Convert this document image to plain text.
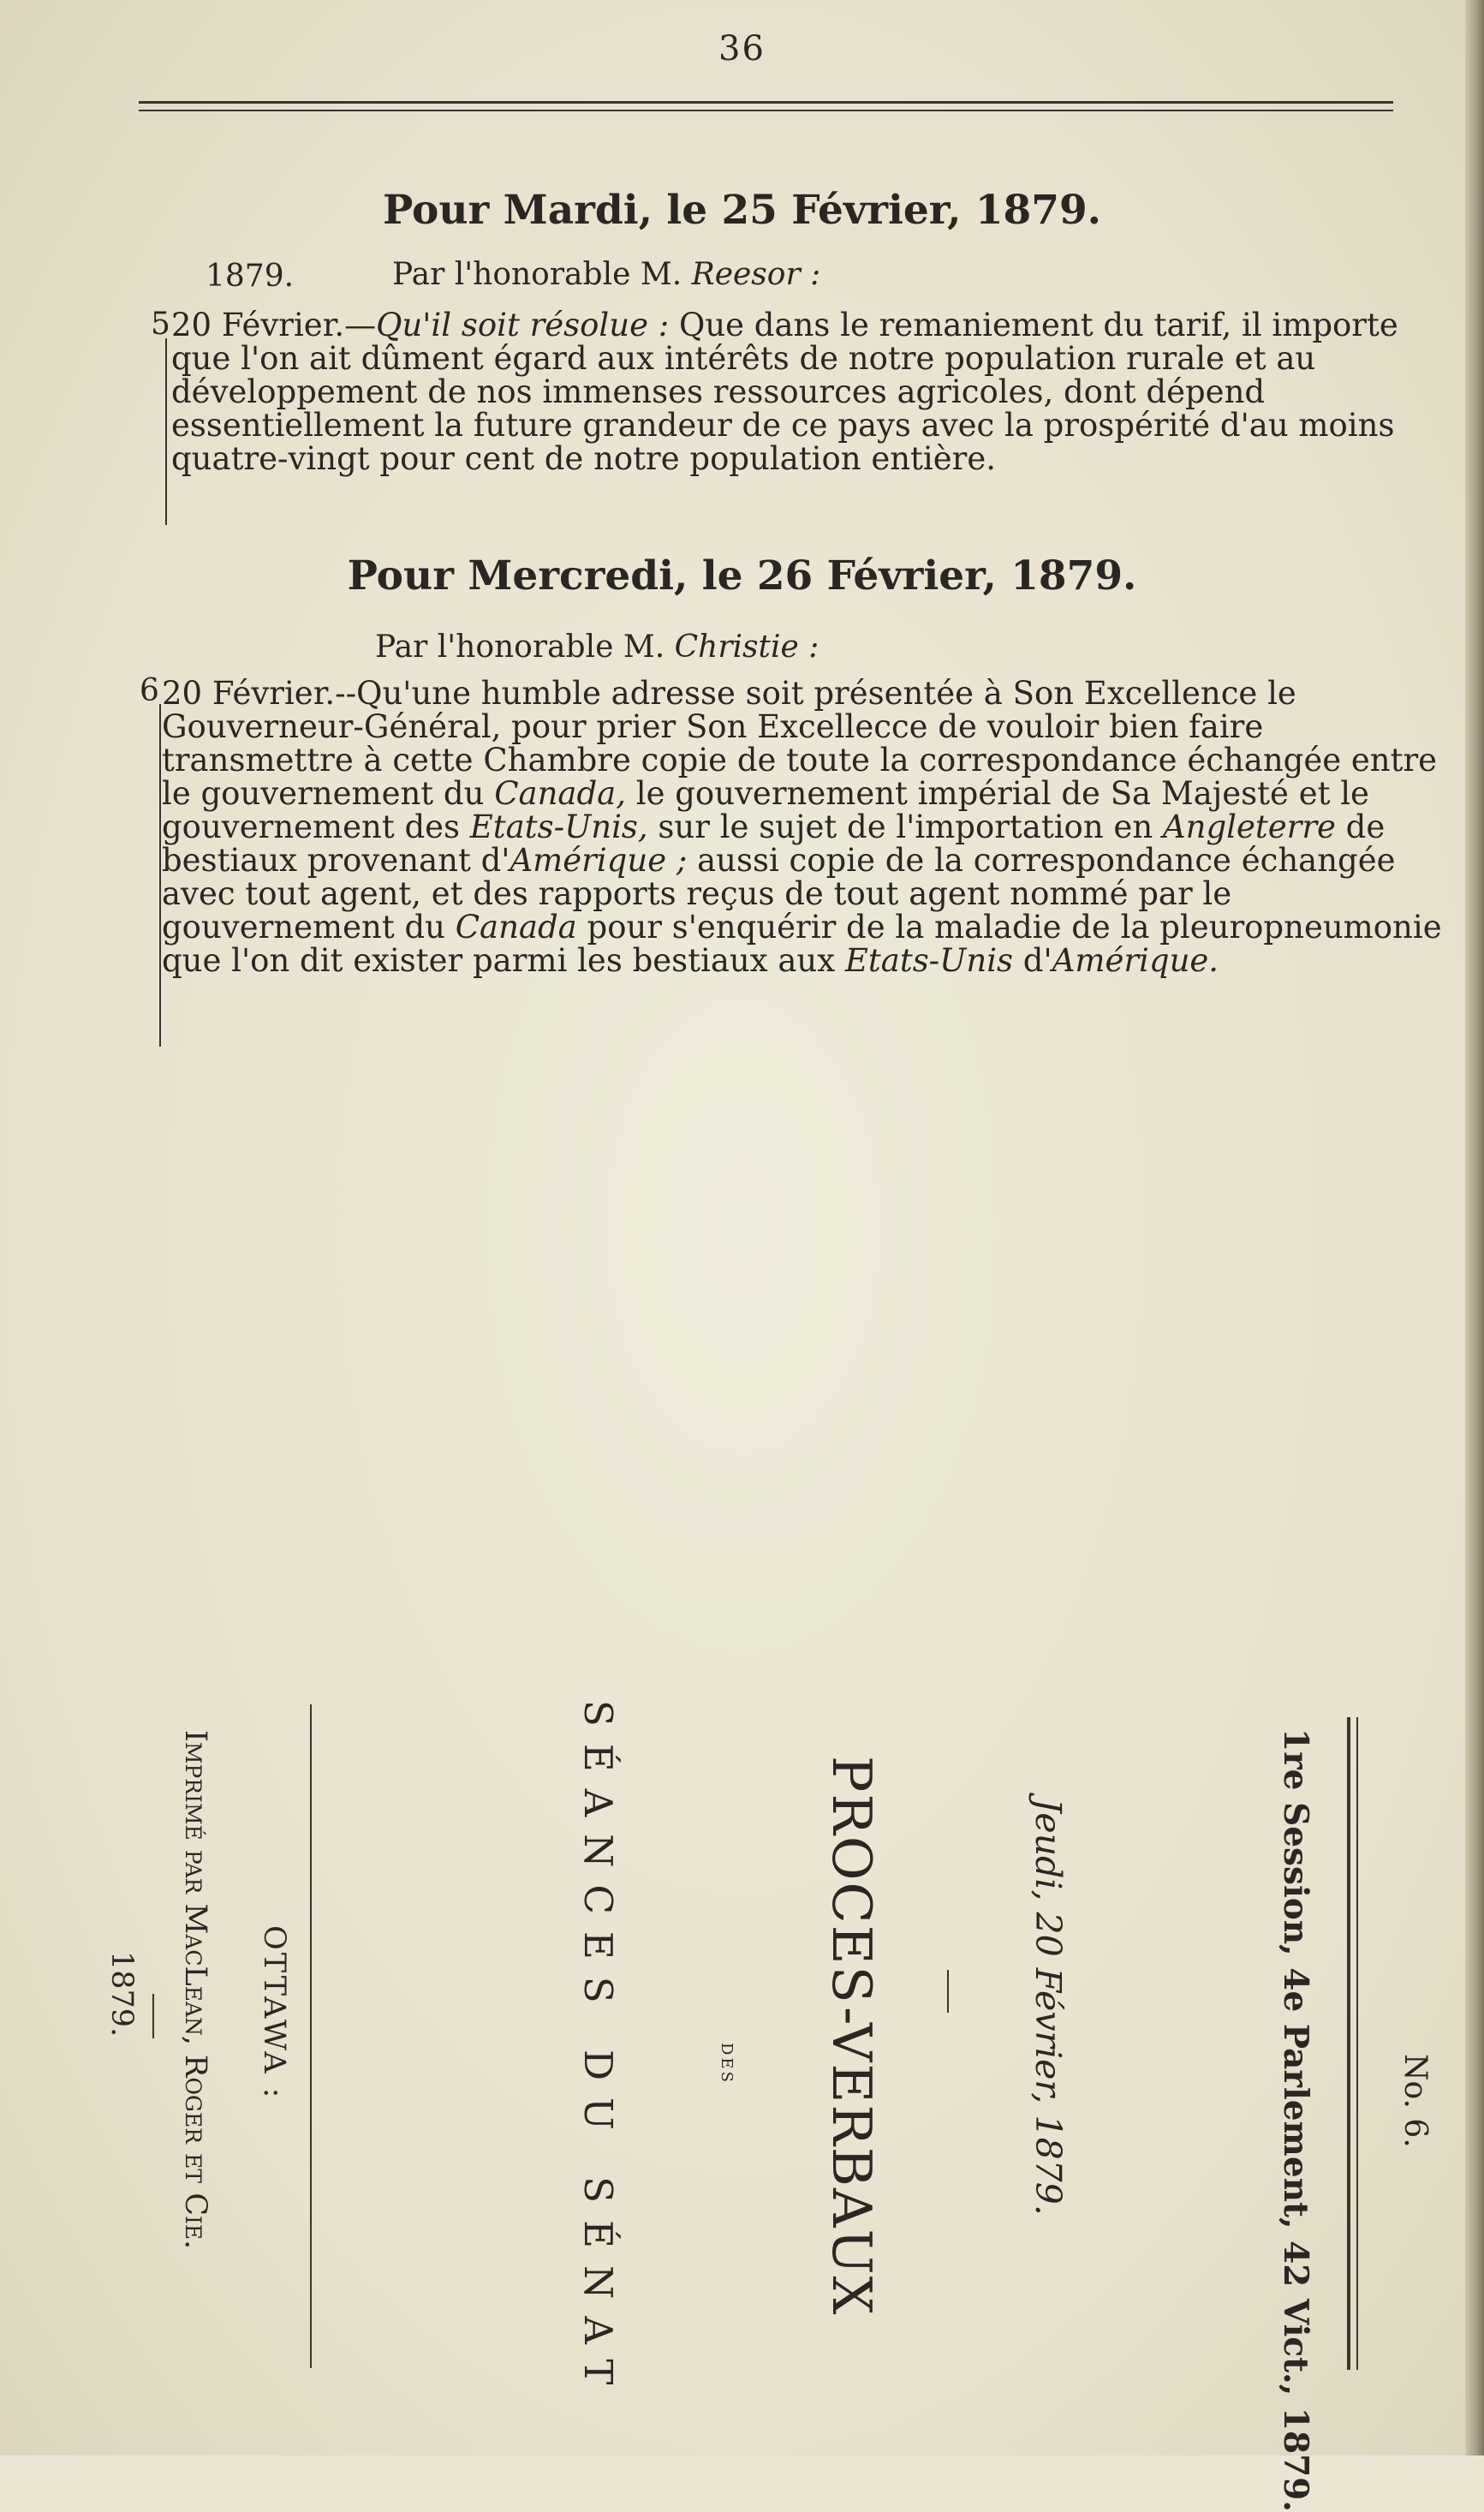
36
Pour Mardi, le 25 Février, 1879.
1879.	Par l'honorable M. Reesor :
5 20 Février.—Qu'il soit résolue : Que dans le remaniement du tarif, il importe que l'on ait dûment égard aux intérêts de notre population rurale et au développement de nos immenses ressources agricoles, dont dépend essentiellement la future grandeur de ce pays avec la prospérité d'au moins quatre-vingt pour cent de notre population entière.

Pour Mercredi, le 26 Février, 1879.
Par l'honorable M. Christie :
6 20 Février.--Qu'une humble adresse soit présentée à Son Excellence le Gouverneur-Général, pour prier Son Excellecce de vouloir bien faire transmettre à cette Chambre copie de toute la correspondance échangée entre le gouvernement du Canada, le gouvernement impérial de Sa Majesté et le gouvernement des Etats-Unis, sur le sujet de l'importation en Angleterre de bestiaux provenant d'Amérique ; aussi copie de la correspondance échangée avec tout agent, et des rapports reçus de tout agent nommé par le gouvernement du Canada pour s'enquérir de la maladie de la pleuropneumonie que l'on dit exister parmi les bestiaux aux Etats-Unis d'Amérique.

No. 6.
1re Session, 4e Parlement, 42 Vict., 1879.
Jeudi, 20 Février, 1879.
PROCES-VERBAUX
DES
SÉANCES DU SÉNAT
OTTAWA :
Imprimé par MacLean, Roger et Cie.
1879.
